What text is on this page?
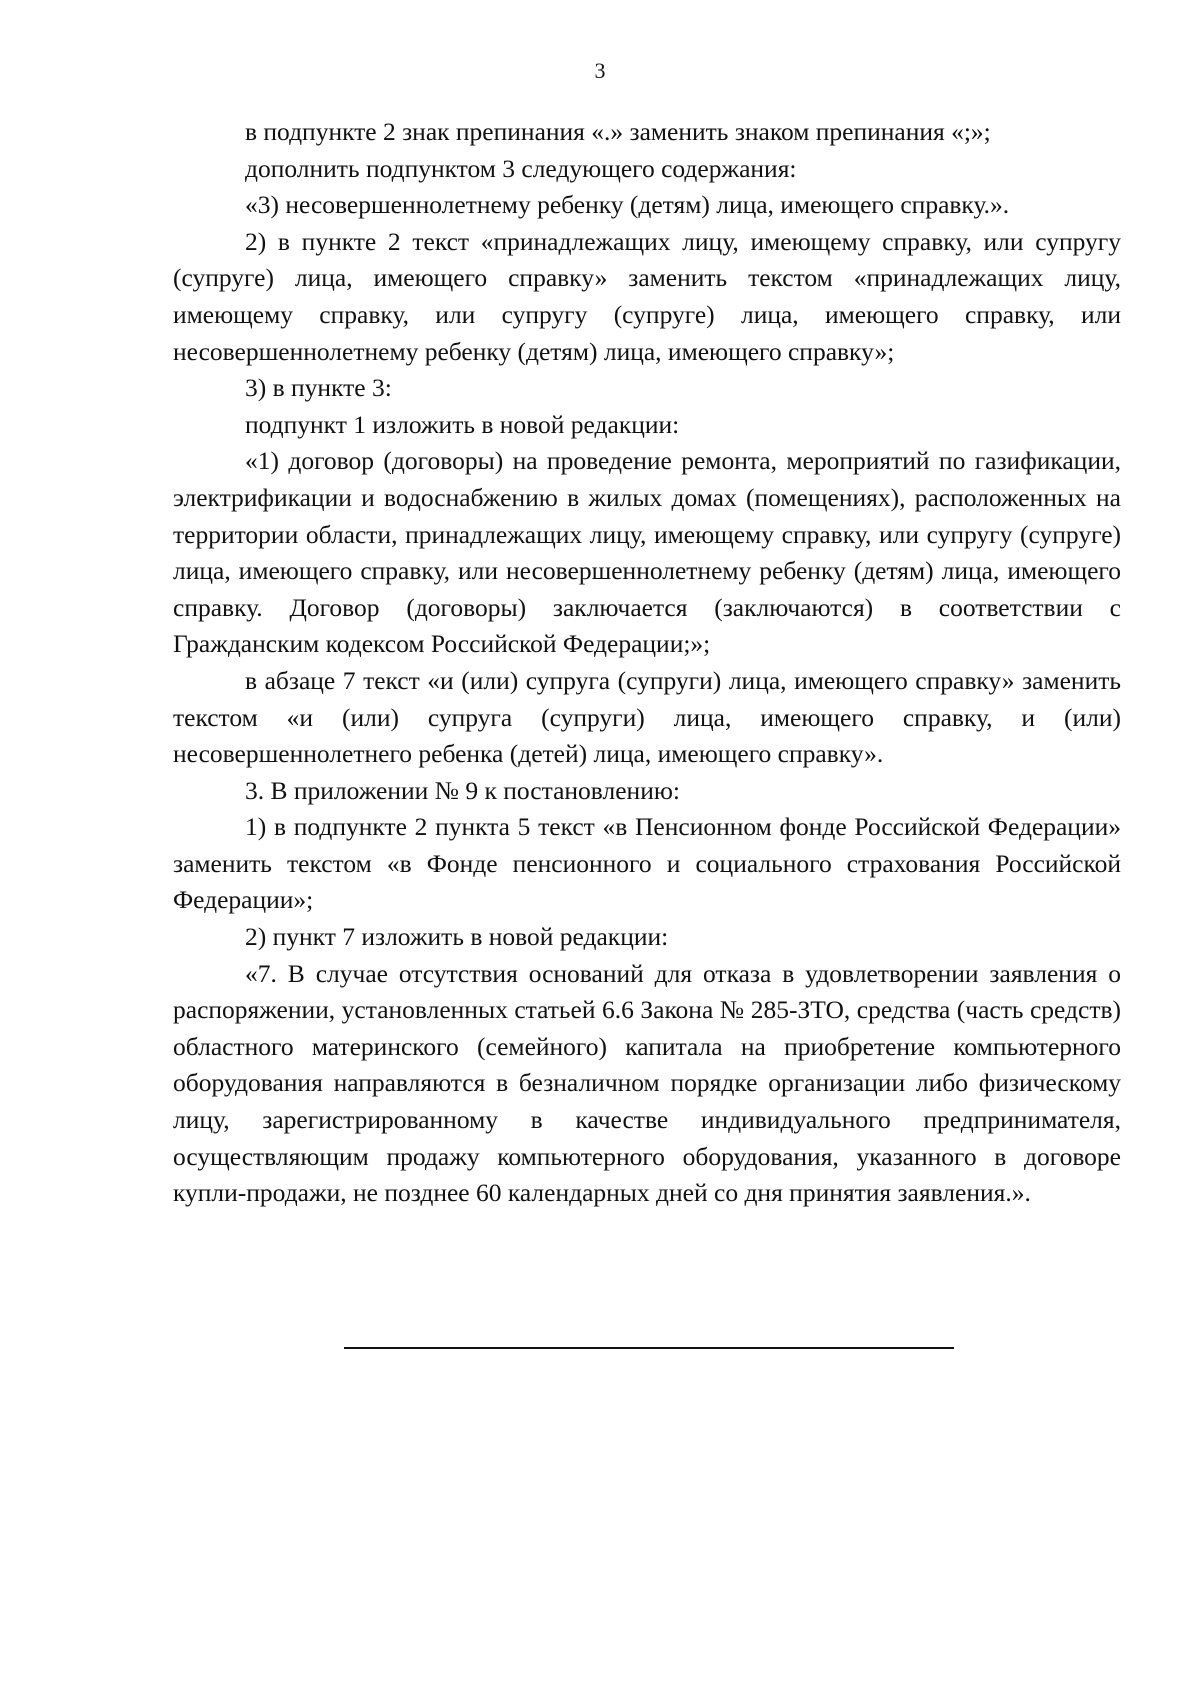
3

в подпункте 2 знак препинания «.» заменить знаком препинания «;»;

дополнить подпунктом 3 следующего содержания:

«3) несовершеннолетнему ребенку (детям) лица, имеющего справку.».

2) в пункте 2 текст «принадлежащих лицу, имеющему справку, или супругу (супруге) лица, имеющего справку» заменить текстом «принадлежащих лицу, имеющему справку, или супругу (супруге) лица, имеющего справку, или несовершеннолетнему ребенку (детям) лица, имеющего справку»;

3) в пункте 3:

подпункт 1 изложить в новой редакции:

«1) договор (договоры) на проведение ремонта, мероприятий по газификации, электрификации и водоснабжению в жилых домах (помещениях), расположенных на территории области, принадлежащих лицу, имеющему справку, или супругу (супруге) лица, имеющего справку, или несовершеннолетнему ребенку (детям) лица, имеющего справку. Договор (договоры) заключается (заключаются) в соответствии с Гражданским кодексом Российской Федерации;»;

в абзаце 7 текст «и (или) супруга (супруги) лица, имеющего справку» заменить текстом «и (или) супруга (супруги) лица, имеющего справку, и (или) несовершеннолетнего ребенка (детей) лица, имеющего справку».

3. В приложении № 9 к постановлению:

1) в подпункте 2 пункта 5 текст «в Пенсионном фонде Российской Федерации» заменить текстом «в Фонде пенсионного и социального страхования Российской Федерации»;

2) пункт 7 изложить в новой редакции:

«7. В случае отсутствия оснований для отказа в удовлетворении заявления о распоряжении, установленных статьей 6.6 Закона № 285-ЗТО, средства (часть средств) областного материнского (семейного) капитала на приобретение компьютерного оборудования направляются в безналичном порядке организации либо физическому лицу, зарегистрированному в качестве индивидуального предпринимателя, осуществляющим продажу компьютерного оборудования, указанного в договоре купли-продажи, не позднее 60 календарных дней со дня принятия заявления.».
